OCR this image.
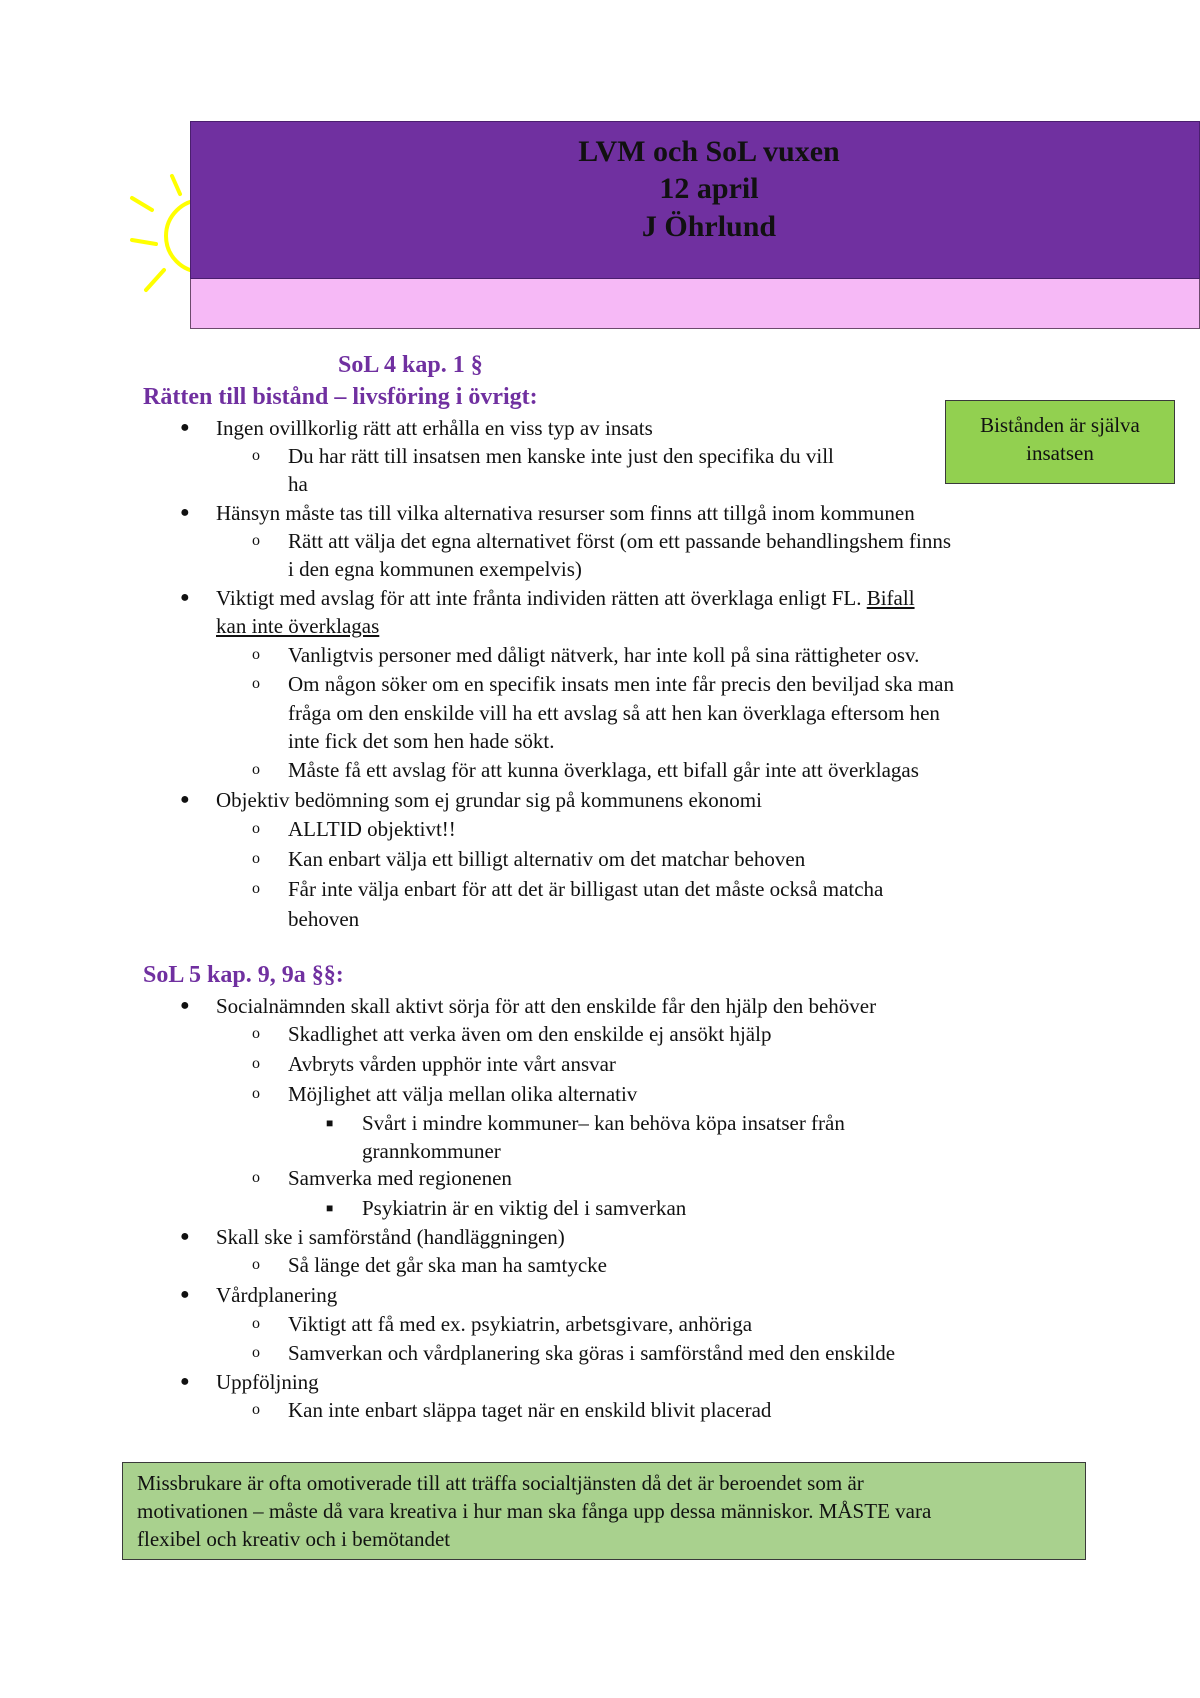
LVM och SoL vuxen
12 april
J Öhrlund
SoL 4 kap. 1 §
Rätten till bistånd – livsföring i övrigt:
● Ingen ovillkorlig rätt att erhålla en viss typ av insats
o Du har rätt till insatsen men kanske inte just den specifika du vill
ha
● Hänsyn måste tas till vilka alternativa resurser som finns att tillgå inom kommunen
o Rätt att välja det egna alternativet först (om ett passande behandlingshem finns
i den egna kommunen exempelvis)
● Viktigt med avslag för att inte frånta individen rätten att överklaga enligt FL. Bifall
kan inte överklagas
o Vanligtvis personer med dåligt nätverk, har inte koll på sina rättigheter osv.
o Om någon söker om en specifik insats men inte får precis den beviljad ska man
fråga om den enskilde vill ha ett avslag så att hen kan överklaga eftersom hen
inte fick det som hen hade sökt.
o Måste få ett avslag för att kunna överklaga, ett bifall går inte att överklagas
● Objektiv bedömning som ej grundar sig på kommunens ekonomi
o ALLTID objektivt!!
o Kan enbart välja ett billigt alternativ om det matchar behoven
o Får inte välja enbart för att det är billigast utan det måste också matcha
behoven
Bistånden är själva
insatsen
SoL 5 kap. 9, 9a §§:
● Socialnämnden skall aktivt sörja för att den enskilde får den hjälp den behöver
o Skadlighet att verka även om den enskilde ej ansökt hjälp
o Avbryts vården upphör inte vårt ansvar
o Möjlighet att välja mellan olika alternativ
■ Svårt i mindre kommuner– kan behöva köpa insatser från
grannkommuner
o Samverka med regionenen
■ Psykiatrin är en viktig del i samverkan
● Skall ske i samförstånd (handläggningen)
o Så länge det går ska man ha samtycke
● Vårdplanering
o Viktigt att få med ex. psykiatrin, arbetsgivare, anhöriga
o Samverkan och vårdplanering ska göras i samförstånd med den enskilde
● Uppföljning
o Kan inte enbart släppa taget när en enskild blivit placerad
Missbrukare är ofta omotiverade till att träffa socialtjänsten då det är beroendet som är
motivationen – måste då vara kreativa i hur man ska fånga upp dessa människor. MÅSTE vara
flexibel och kreativ och i bemötandet
